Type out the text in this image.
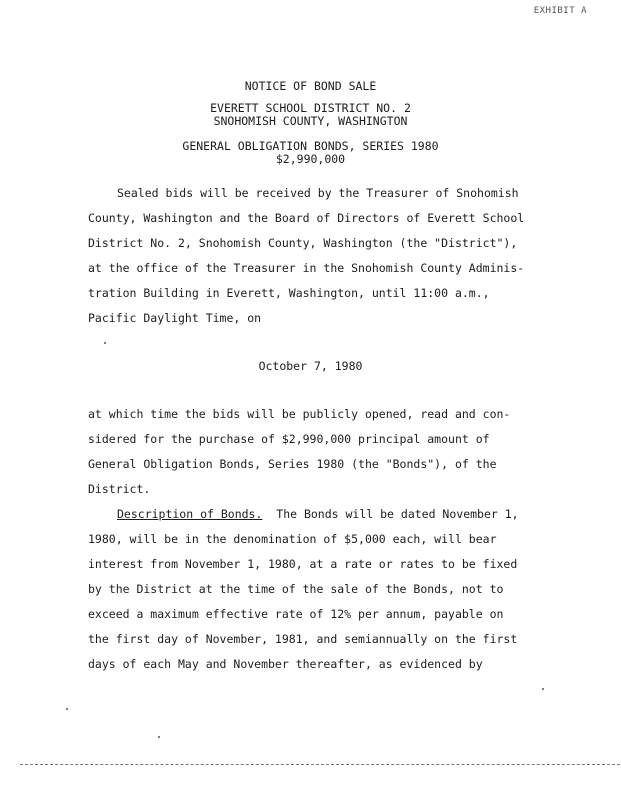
EXHIBIT A
NOTICE OF BOND SALE
EVERETT SCHOOL DISTRICT NO. 2
SNOHOMISH COUNTY, WASHINGTON
GENERAL OBLIGATION BONDS, SERIES 1980
$2,990,000
Sealed bids will be received by the Treasurer of Snohomish
County, Washington and the Board of Directors of Everett School
District No. 2, Snohomish County, Washington (the "District"),
at the office of the Treasurer in the Snohomish County Adminis-
tration Building in Everett, Washington, until 11:00 a.m.,
Pacific Daylight Time, on
October 7, 1980
at which time the bids will be publicly opened, read and con-
sidered for the purchase of $2,990,000 principal amount of
General Obligation Bonds, Series 1980 (the "Bonds"), of the
District.
Description of Bonds. The Bonds will be dated November 1,
1980, will be in the denomination of $5,000 each, will bear
interest from November 1, 1980, at a rate or rates to be fixed
by the District at the time of the sale of the Bonds, not to
exceed a maximum effective rate of 12% per annum, payable on
the first day of November, 1981, and semiannually on the first
days of each May and November thereafter, as evidenced by
